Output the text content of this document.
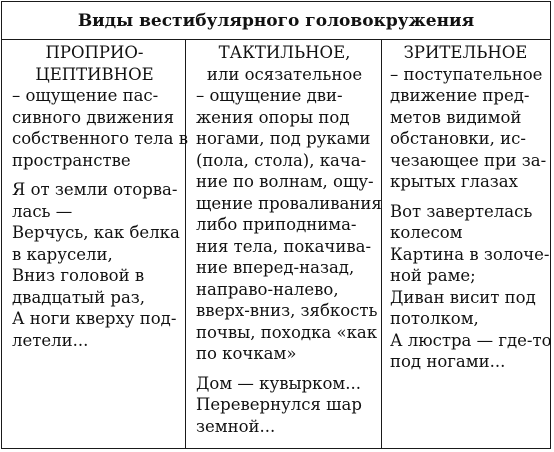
Виды вестибулярного головокружения
ПРОПРИО-
ЦЕПТИВНОЕ
– ощущение пас-
сивного движения
собственного тела в
пространстве
Я от земли оторва-
лась —
Верчусь, как белка
в карусели,
Вниз головой в
двадцатый раз,
А ноги кверху под-
летели...
ТАКТИЛЬНОЕ,
или осязательное
– ощущение дви-
жения опоры под
ногами, под руками
(пола, стола), кача-
ние по волнам, ощу-
щение проваливания
либо приподнима-
ния тела, покачива-
ние вперед-назад,
направо-налево,
вверх-вниз, зябкость
почвы, походка «как
по кочкам»
Дом — кувырком...
Перевернулся шар
земной...
ЗРИТЕЛЬНОЕ
– поступательное
движение пред-
метов видимой
обстановки, ис-
чезающее при за-
крытых глазах
Вот завертелась
колесом
Картина в золоче-
ной раме;
Диван висит под
потолком,
А люстра — где-то
под ногами...
